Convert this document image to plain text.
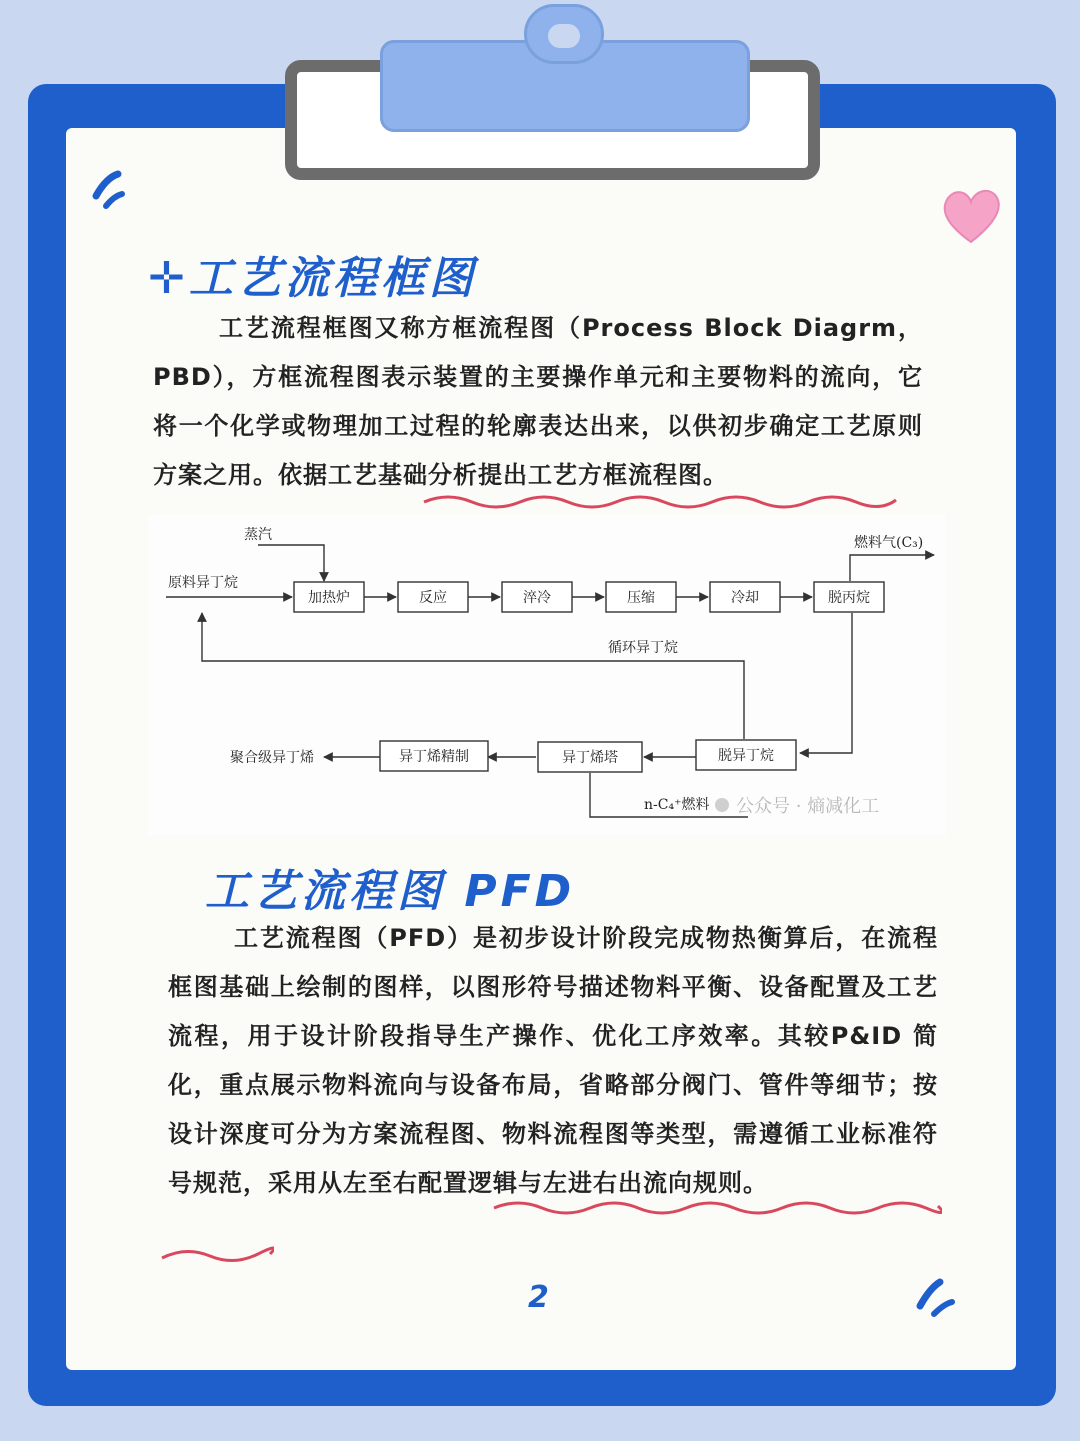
✛工艺流程框图
工艺流程框图又称方框流程图（Process Block Diagrm，PBD），方框流程图表示装置的主要操作单元和主要物料的流向，它将一个化学或物理加工过程的轮廓表达出来，以供初步确定工艺原则方案之用。依据工艺基础分析提出工艺方框流程图。
加热炉	反应	淬冷	压缩	冷却	脱丙烷
异丁烯精制	异丁烯塔	脱异丁烷
蒸汽
原料异丁烷
燃料气(C₃)
循环异丁烷
聚合级异丁烯
n-C₄⁺燃料 公众号 · 熵减化工
工艺流程图 PFD
工艺流程图（PFD）是初步设计阶段完成物热衡算后，在流程框图基础上绘制的图样，以图形符号描述物料平衡、设备配置及工艺流程，用于设计阶段指导生产操作、优化工序效率。其较P&ID 简化，重点展示物料流向与设备布局，省略部分阀门、管件等细节；按设计深度可分为方案流程图、物料流程图等类型，需遵循工业标准符号规范，采用从左至右配置逻辑与左进右出流向规则。
2
